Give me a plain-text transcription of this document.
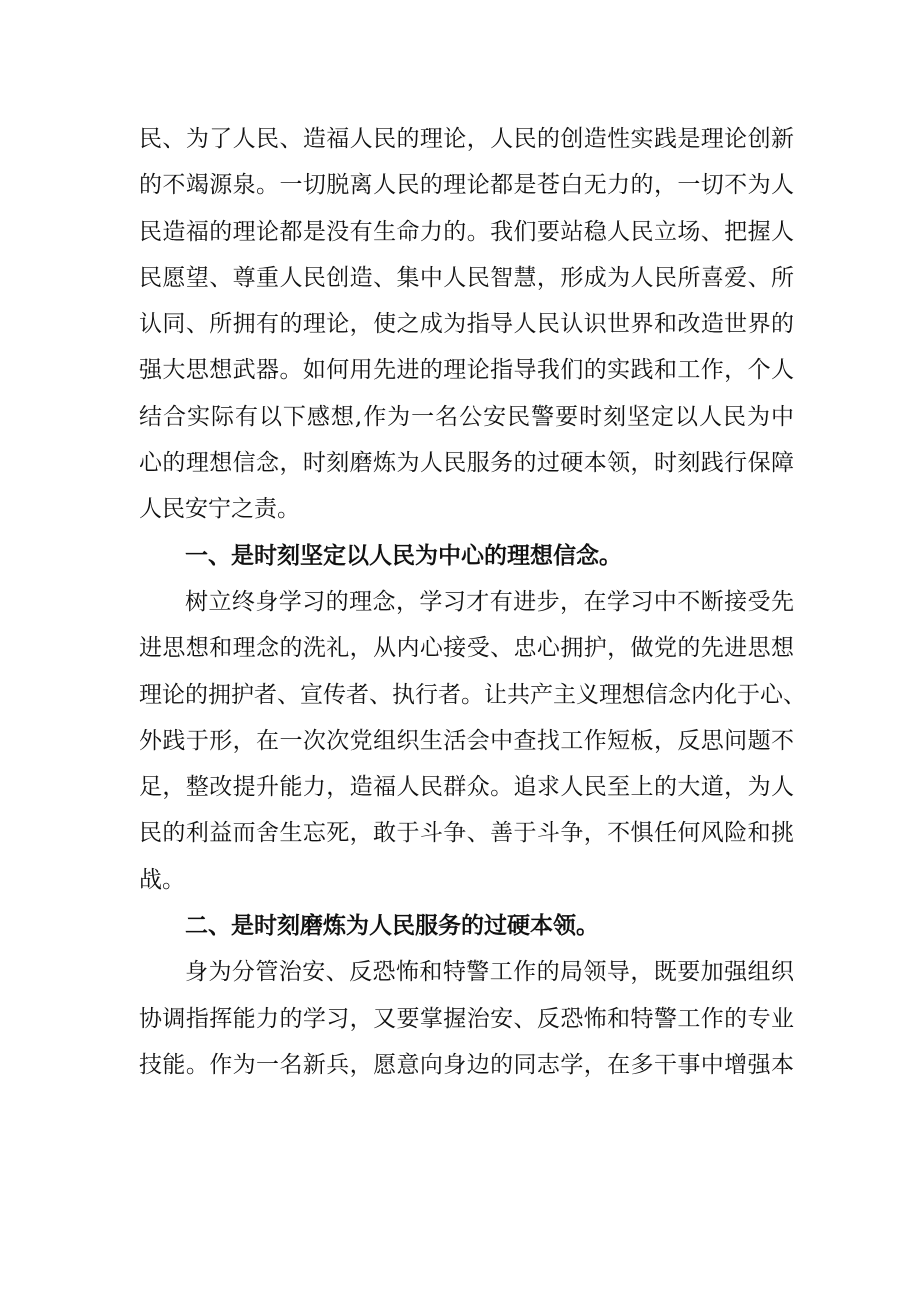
民、为了人民、造福人民的理论，人民的创造性实践是理论创新
的不竭源泉。一切脱离人民的理论都是苍白无力的，一切不为人
民造福的理论都是没有生命力的。我们要站稳人民立场、把握人
民愿望、尊重人民创造、集中人民智慧，形成为人民所喜爱、所
认同、所拥有的理论，使之成为指导人民认识世界和改造世界的
强大思想武器。如何用先进的理论指导我们的实践和工作，个人
结合实际有以下感想,作为一名公安民警要时刻坚定以人民为中
心的理想信念，时刻磨炼为人民服务的过硬本领，时刻践行保障
人民安宁之责。
一、是时刻坚定以人民为中心的理想信念。
树立终身学习的理念，学习才有进步，在学习中不断接受先
进思想和理念的洗礼，从内心接受、忠心拥护，做党的先进思想
理论的拥护者、宣传者、执行者。让共产主义理想信念内化于心、
外践于形，在一次次党组织生活会中查找工作短板，反思问题不
足，整改提升能力，造福人民群众。追求人民至上的大道，为人
民的利益而舍生忘死，敢于斗争、善于斗争，不惧任何风险和挑
战。
二、是时刻磨炼为人民服务的过硬本领。
身为分管治安、反恐怖和特警工作的局领导，既要加强组织
协调指挥能力的学习，又要掌握治安、反恐怖和特警工作的专业
技能。作为一名新兵，愿意向身边的同志学，在多干事中增强本
